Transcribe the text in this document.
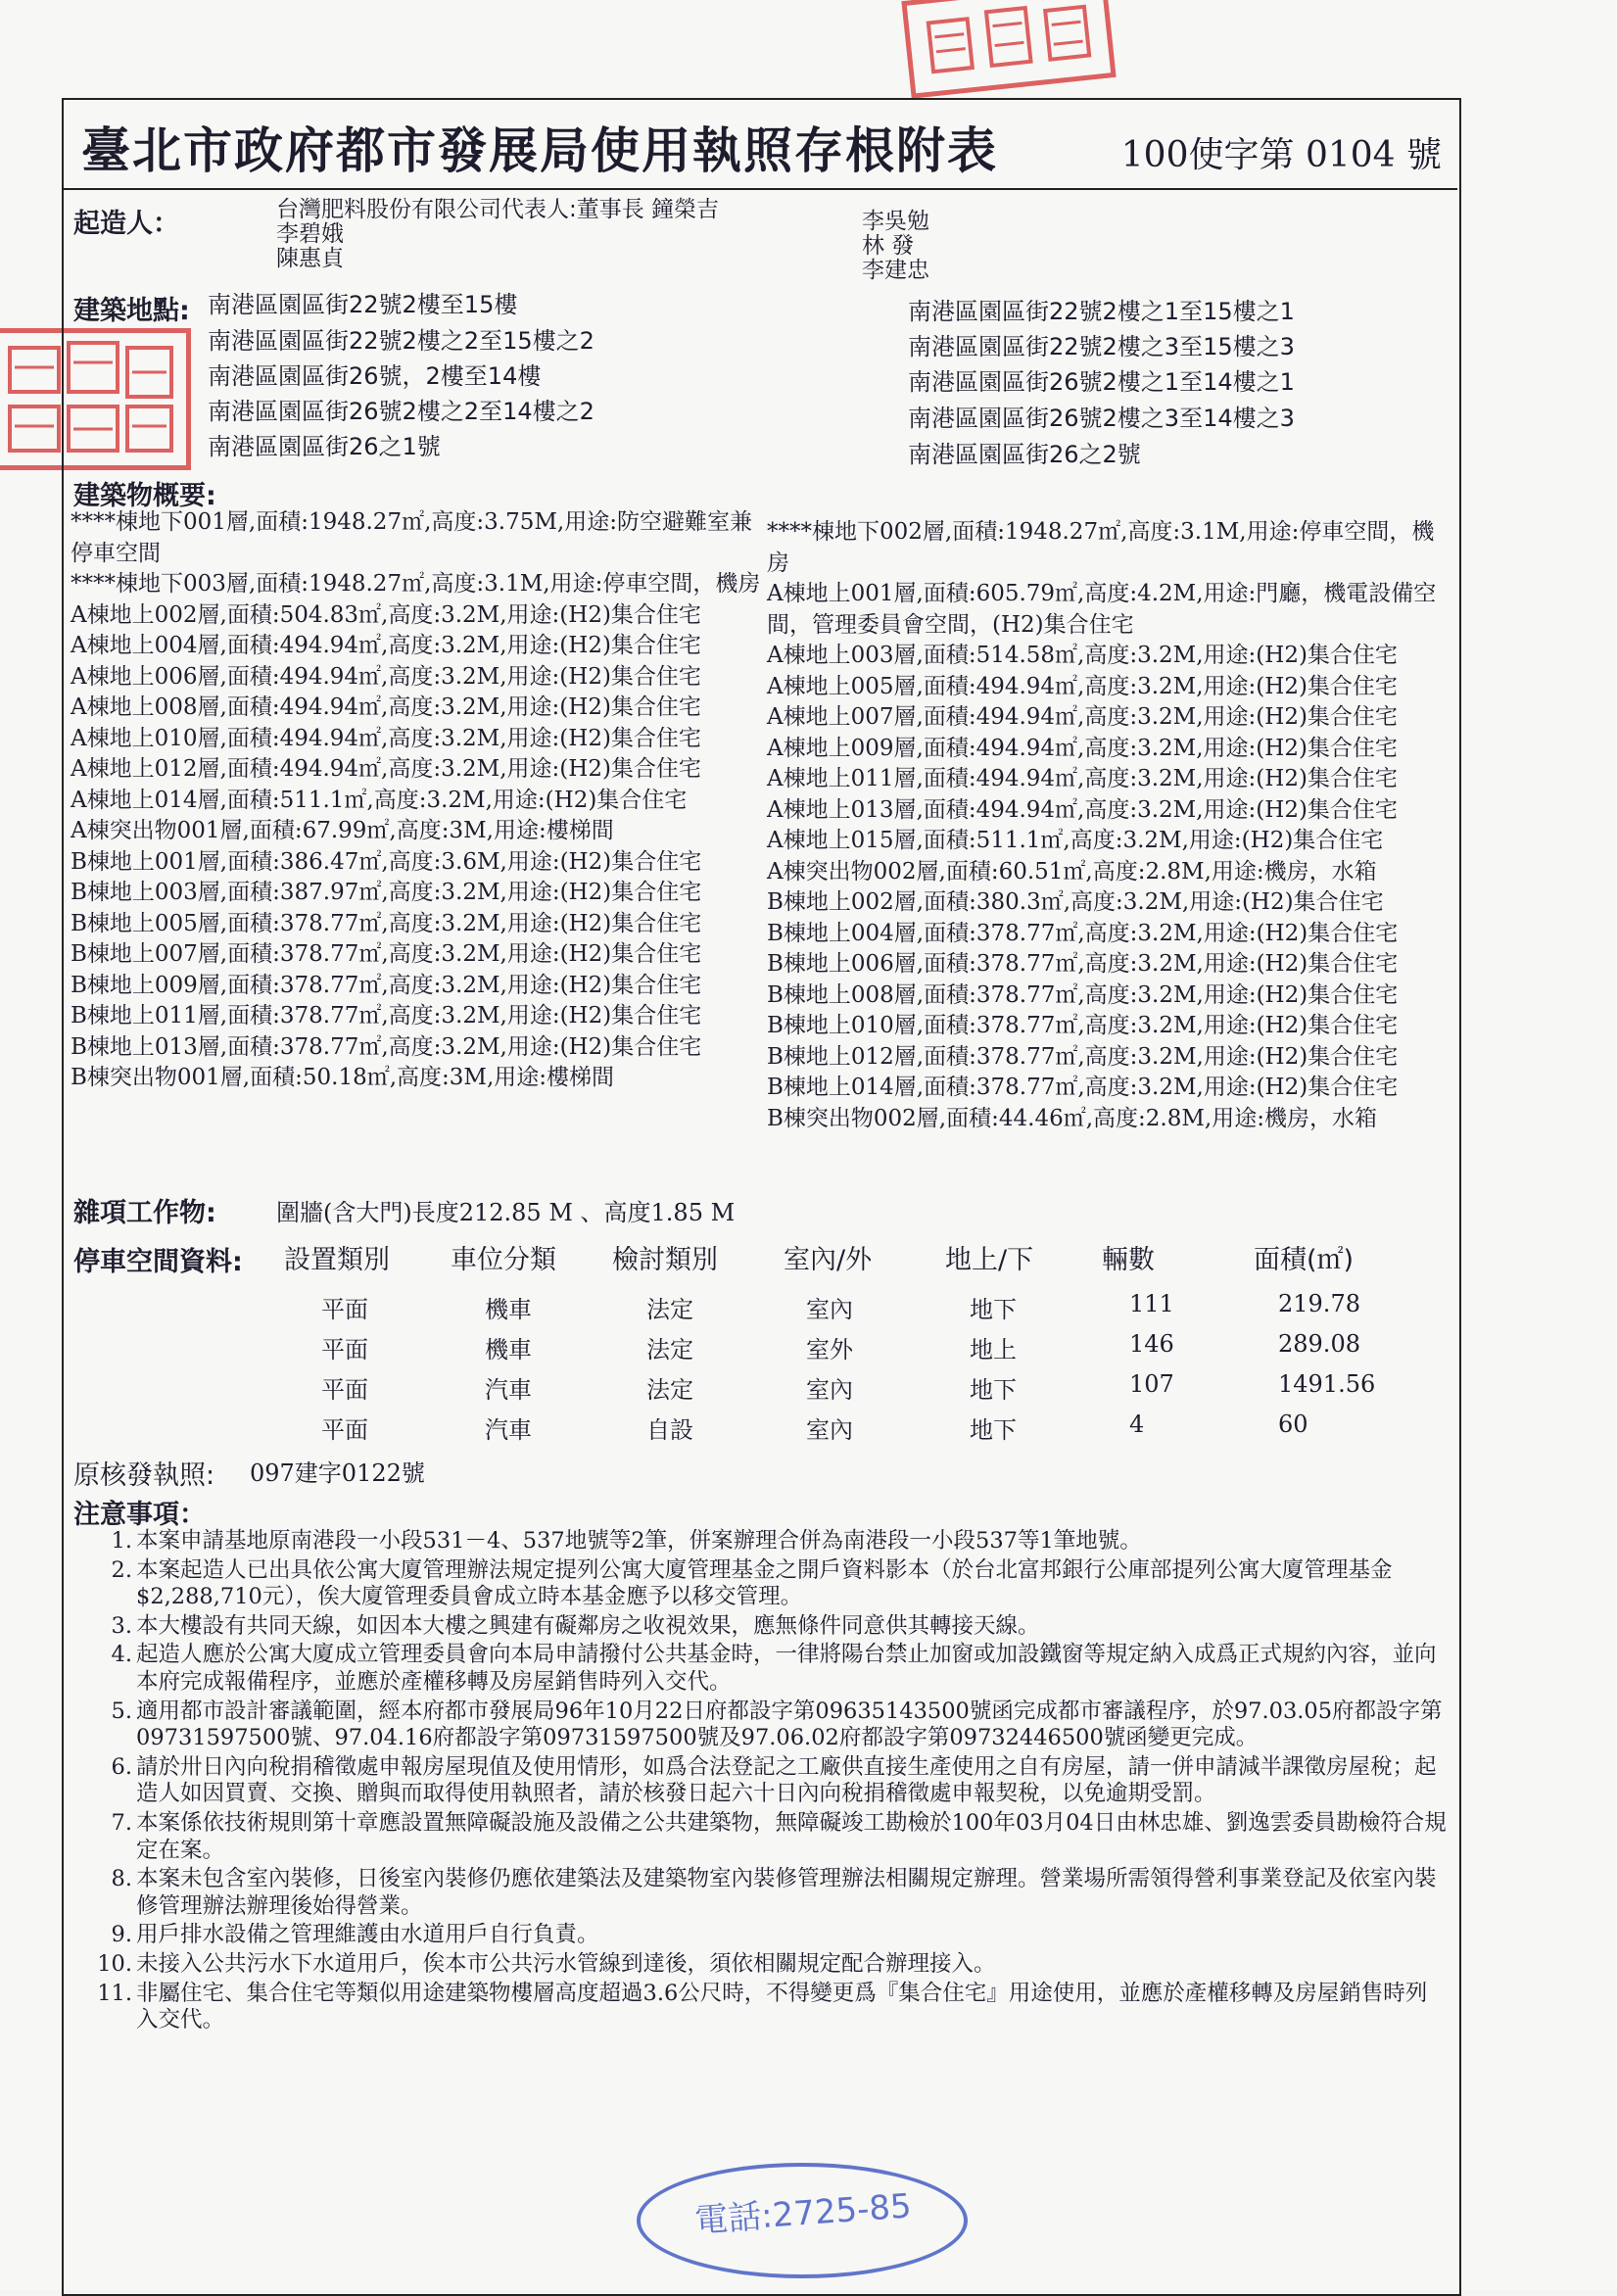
臺北市政府都市發展局使用執照存根附表	100使字第 0104 號
起造人：	台灣肥料股份有限公司代表人:董事長 鐘榮吉
李碧娥
陳惠貞
李吳勉
林 發
李建忠
建築地點: 南港區園區街22號2樓至15樓
南港區園區街22號2樓之2至15樓之2
南港區園區街26號，2樓至14樓
南港區園區街26號2樓之2至14樓之2
南港區園區街26之1號
南港區園區街22號2樓之1至15樓之1
南港區園區街22號2樓之3至15樓之3
南港區園區街26號2樓之1至14樓之1
南港區園區街26號2樓之3至14樓之3
南港區園區街26之2號
建築物概要:
****棟地下001層,面積:1948.27㎡,高度:3.75M,用途:防空避難室兼停車空間
****棟地下003層,面積:1948.27㎡,高度:3.1M,用途:停車空間，機房
A棟地上002層,面積:504.83㎡,高度:3.2M,用途:(H2)集合住宅
A棟地上004層,面積:494.94㎡,高度:3.2M,用途:(H2)集合住宅
A棟地上006層,面積:494.94㎡,高度:3.2M,用途:(H2)集合住宅
A棟地上008層,面積:494.94㎡,高度:3.2M,用途:(H2)集合住宅
A棟地上010層,面積:494.94㎡,高度:3.2M,用途:(H2)集合住宅
A棟地上012層,面積:494.94㎡,高度:3.2M,用途:(H2)集合住宅
A棟地上014層,面積:511.1㎡,高度:3.2M,用途:(H2)集合住宅
A棟突出物001層,面積:67.99㎡,高度:3M,用途:樓梯間
B棟地上001層,面積:386.47㎡,高度:3.6M,用途:(H2)集合住宅
B棟地上003層,面積:387.97㎡,高度:3.2M,用途:(H2)集合住宅
B棟地上005層,面積:378.77㎡,高度:3.2M,用途:(H2)集合住宅
B棟地上007層,面積:378.77㎡,高度:3.2M,用途:(H2)集合住宅
B棟地上009層,面積:378.77㎡,高度:3.2M,用途:(H2)集合住宅
B棟地上011層,面積:378.77㎡,高度:3.2M,用途:(H2)集合住宅
B棟地上013層,面積:378.77㎡,高度:3.2M,用途:(H2)集合住宅
B棟突出物001層,面積:50.18㎡,高度:3M,用途:樓梯間
****棟地下002層,面積:1948.27㎡,高度:3.1M,用途:停車空間，機房
A棟地上001層,面積:605.79㎡,高度:4.2M,用途:門廳，機電設備空間，管理委員會空間，(H2)集合住宅
A棟地上003層,面積:514.58㎡,高度:3.2M,用途:(H2)集合住宅
A棟地上005層,面積:494.94㎡,高度:3.2M,用途:(H2)集合住宅
A棟地上007層,面積:494.94㎡,高度:3.2M,用途:(H2)集合住宅
A棟地上009層,面積:494.94㎡,高度:3.2M,用途:(H2)集合住宅
A棟地上011層,面積:494.94㎡,高度:3.2M,用途:(H2)集合住宅
A棟地上013層,面積:494.94㎡,高度:3.2M,用途:(H2)集合住宅
A棟地上015層,面積:511.1㎡,高度:3.2M,用途:(H2)集合住宅
A棟突出物002層,面積:60.51㎡,高度:2.8M,用途:機房，水箱
B棟地上002層,面積:380.3㎡,高度:3.2M,用途:(H2)集合住宅
B棟地上004層,面積:378.77㎡,高度:3.2M,用途:(H2)集合住宅
B棟地上006層,面積:378.77㎡,高度:3.2M,用途:(H2)集合住宅
B棟地上008層,面積:378.77㎡,高度:3.2M,用途:(H2)集合住宅
B棟地上010層,面積:378.77㎡,高度:3.2M,用途:(H2)集合住宅
B棟地上012層,面積:378.77㎡,高度:3.2M,用途:(H2)集合住宅
B棟地上014層,面積:378.77㎡,高度:3.2M,用途:(H2)集合住宅
B棟突出物002層,面積:44.46㎡,高度:2.8M,用途:機房，水箱
雜項工作物:	圍牆(含大門)長度212.85 M 、高度1.85 M
停車空間資料: 設置類別 車位分類 檢討類別 室內/外	地上/下	輛數	面積(㎡)
平面	機車	法定	室內	地下	111	219.78
平面	機車	法定	室外	地上	146	289.08
平面	汽車	法定	室內	地下	107	1491.56
平面	汽車	自設	室內	地下	4	60
原核發執照: 097建字0122號
注意事項：
1. 本案申請基地原南港段一小段531－4、537地號等2筆，併案辦理合併為南港段一小段537等1筆地號。
2. 本案起造人已出具依公寓大廈管理辦法規定提列公寓大廈管理基金之開戶資料影本（於台北富邦銀行公庫部提列公寓大廈管理基金$2,288,710元），俟大廈管理委員會成立時本基金應予以移交管理。
3. 本大樓設有共同天線，如因本大樓之興建有礙鄰房之收視效果，應無條件同意供其轉接天線。
4. 起造人應於公寓大廈成立管理委員會向本局申請撥付公共基金時，一律將陽台禁止加窗或加設鐵窗等規定納入成爲正式規約內容，並向本府完成報備程序，並應於產權移轉及房屋銷售時列入交代。
5. 適用都市設計審議範圍，經本府都市發展局96年10月22日府都設字第09635143500號函完成都市審議程序，於97.03.05府都設字第09731597500號、97.04.16府都設字第09731597500號及97.06.02府都設字第09732446500號函變更完成。
6. 請於卅日內向稅捐稽徵處申報房屋現值及使用情形，如爲合法登記之工廠供直接生產使用之自有房屋，請一併申請減半課徵房屋稅；起造人如因買賣、交換、贈與而取得使用執照者，請於核發日起六十日內向稅捐稽徵處申報契稅，以免逾期受罰。
7. 本案係依技術規則第十章應設置無障礙設施及設備之公共建築物，無障礙竣工勘檢於100年03月04日由林忠雄、劉逸雲委員勘檢符合規定在案。
8. 本案未包含室內裝修，日後室內裝修仍應依建築法及建築物室內裝修管理辦法相關規定辦理。營業場所需領得營利事業登記及依室內裝修管理辦法辦理後始得營業。
9. 用戶排水設備之管理維護由水道用戶自行負責。
10. 未接入公共污水下水道用戶，俟本市公共污水管線到達後，須依相關規定配合辦理接入。
11. 非屬住宅、集合住宅等類似用途建築物樓層高度超過3.6公尺時，不得變更爲『集合住宅』用途使用，並應於產權移轉及房屋銷售時列入交代。
電話:2725-85
